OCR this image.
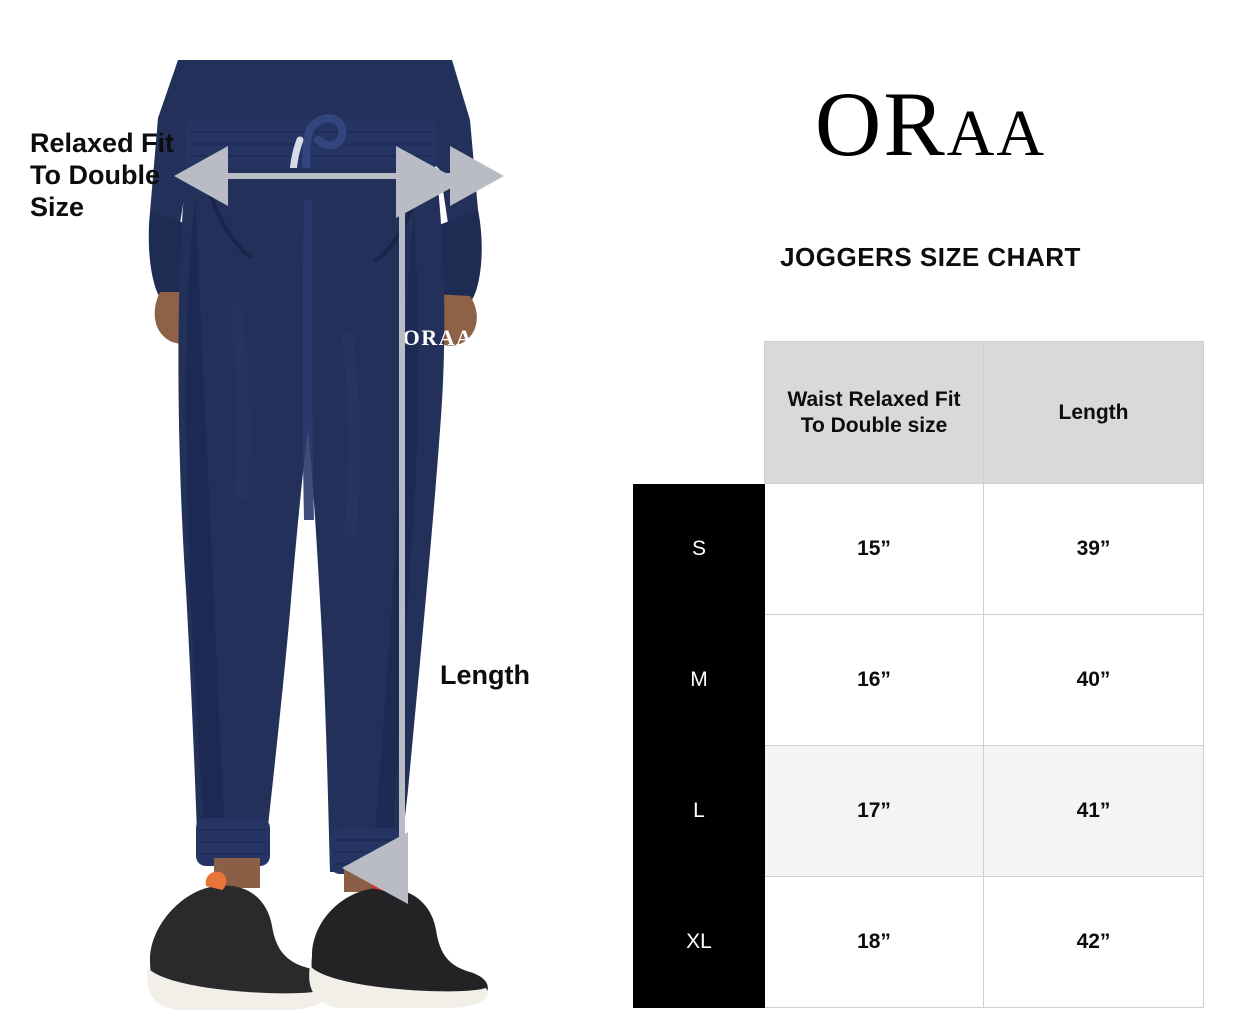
ORAA
Relaxed Fit To Double Size
Length
ORAA
JOGGERS SIZE CHART
	Waist Relaxed Fit To Double size	Length
S	15”	39”
M	16”	40”
L	17”	41”
XL	18”	42”
